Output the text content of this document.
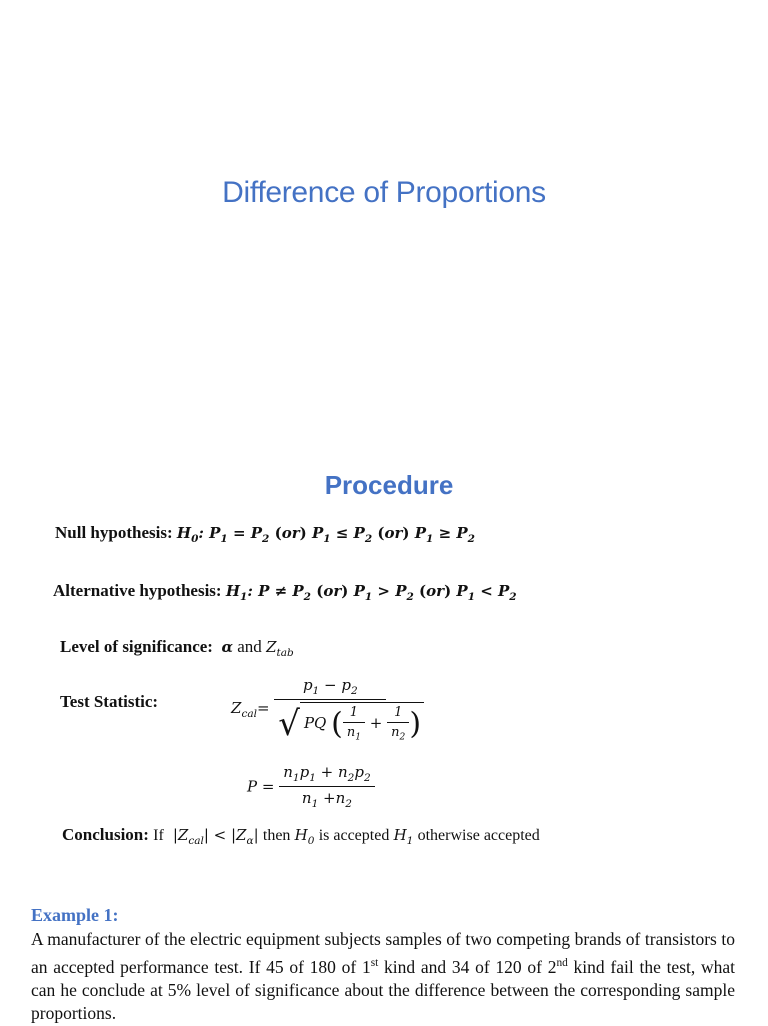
Difference of Proportions
Procedure
Null hypothesis: $H_0$: $P_1 = P_2$ (or) $P_1 \le P_2$ (or) $P_1 \ge P_2$
Alternative hypothesis: $H_1$: $P \ne P_2$ (or) $P_1 > P_2$ (or) $P_1 < P_2$
Level of significance: α and $Z_{tab}$
Test Statistic:	$Z_{cal}= \frac{p_1 - p_2}{√ PQ ( \frac{1}{n_1} + \frac{1}{n_2} )}$
$P = \frac{n_1p_1 + n_2p_2}{n_1 +n_2}$
Conclusion: If  $|Z_{cal}| < |Z_\alpha|$ then $H_0$ is accepted $H_1$ otherwise accepted
Example 1:
A manufacturer of the electric equipment subjects samples of two competing brands of transistors to an accepted performance test. If 45 of 180 of 1st kind and 34 of 120 of 2nd kind fail the test, what can he conclude at 5% level of significance about the difference between the corresponding sample proportions.
